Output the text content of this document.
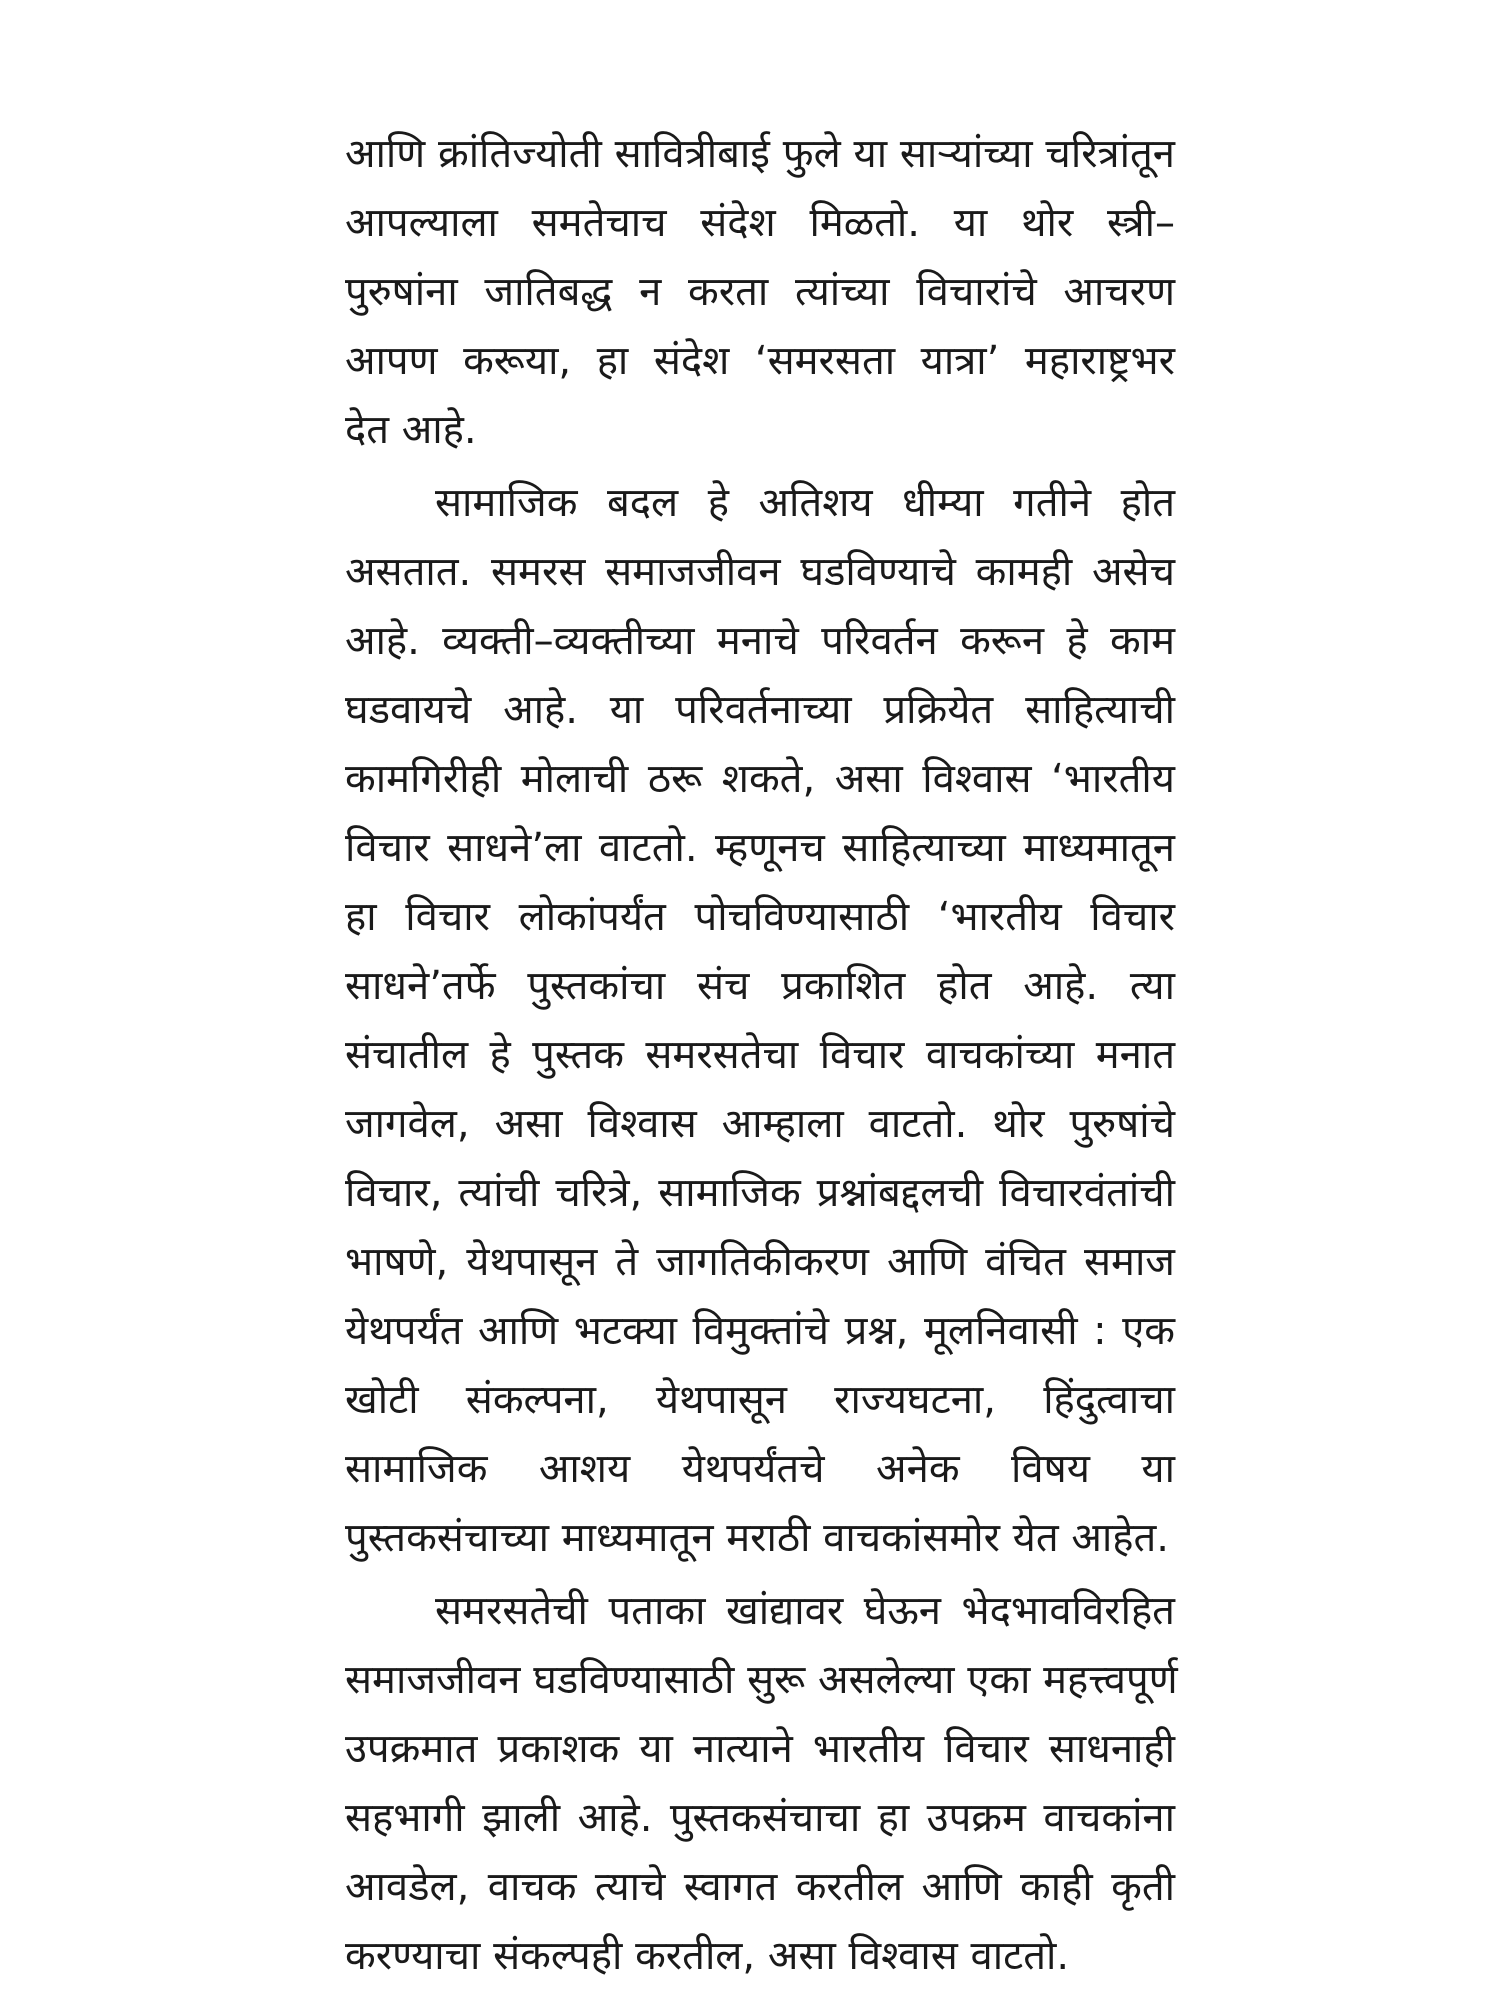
आणि क्रांतिज्योती सावित्रीबाई फुले या साऱ्यांच्या चरित्रांतून
आपल्याला समतेचाच संदेश मिळतो. या थोर स्त्री–
पुरुषांना जातिबद्ध न करता त्यांच्या विचारांचे आचरण
आपण करूया, हा संदेश ‘समरसता यात्रा’ महाराष्ट्रभर
देत आहे.
सामाजिक बदल हे अतिशय धीम्या गतीने होत
असतात. समरस समाजजीवन घडविण्याचे कामही असेच
आहे. व्यक्ती–व्यक्तीच्या मनाचे परिवर्तन करून हे काम
घडवायचे आहे. या परिवर्तनाच्या प्रक्रियेत साहित्याची
कामगिरीही मोलाची ठरू शकते, असा विश्वास ‘भारतीय
विचार साधने’ला वाटतो. म्हणूनच साहित्याच्या माध्यमातून
हा विचार लोकांपर्यंत पोचविण्यासाठी ‘भारतीय विचार
साधने’तर्फे पुस्तकांचा संच प्रकाशित होत आहे. त्या
संचातील हे पुस्तक समरसतेचा विचार वाचकांच्या मनात
जागवेल, असा विश्वास आम्हाला वाटतो. थोर पुरुषांचे
विचार, त्यांची चरित्रे, सामाजिक प्रश्नांबद्दलची विचारवंतांची
भाषणे, येथपासून ते जागतिकीकरण आणि वंचित समाज
येथपर्यंत आणि भटक्या विमुक्तांचे प्रश्न, मूलनिवासी : एक
खोटी संकल्पना, येथपासून राज्यघटना, हिंदुत्वाचा
सामाजिक आशय येथपर्यंतचे अनेक विषय या
पुस्तकसंचाच्या माध्यमातून मराठी वाचकांसमोर येत आहेत.
समरसतेची पताका खांद्यावर घेऊन भेदभावविरहित
समाजजीवन घडविण्यासाठी सुरू असलेल्या एका महत्त्वपूर्ण
उपक्रमात प्रकाशक या नात्याने भारतीय विचार साधनाही
सहभागी झाली आहे. पुस्तकसंचाचा हा उपक्रम वाचकांना
आवडेल, वाचक त्याचे स्वागत करतील आणि काही कृती
करण्याचा संकल्पही करतील, असा विश्वास वाटतो.
